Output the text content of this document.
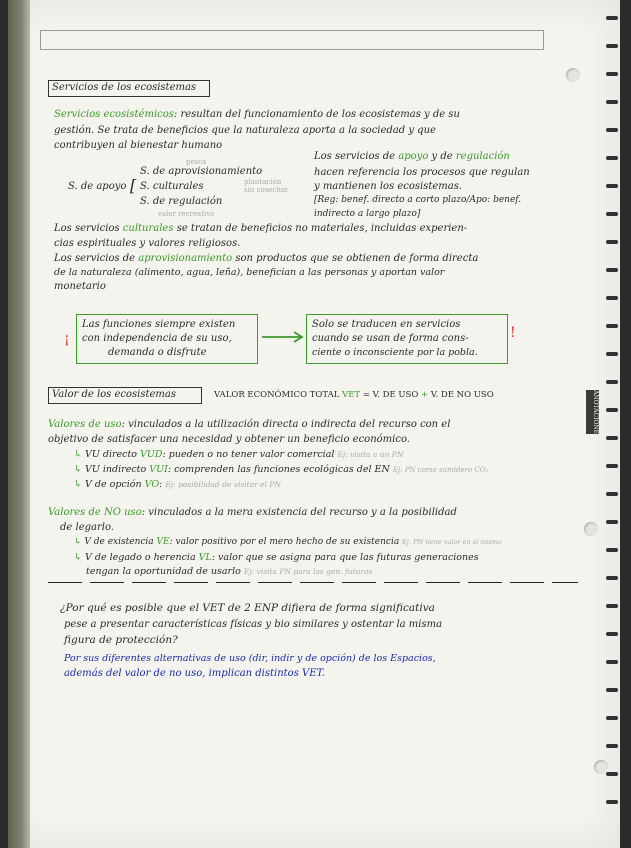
Servicios de los ecosistemas
Servicios ecosistémicos: resultan del funcionamiento de los ecosistemas y de su
gestión. Se trata de beneficios que la naturaleza aporta a la sociedad y que
contribuyen al bienestar humano
pesca
S. de apoyo [
S. de aprovisionamiento
S. culturales	plantación
sin cosechar
S. de regulación
valor recreativo
Los servicios de apoyo y de regulación
hacen referencia los procesos que regulan
y mantienen los ecosistemas.
[Reg: benef. directo a corto plazo/Apo: benef.
indirecto a largo plazo]
Los servicios culturales se tratan de beneficios no materiales, incluidas experien-
cias espirituales y valores religiosos.
Los servicios de aprovisionamiento son productos que se obtienen de forma directa
de la naturaleza (alimento, agua, leña), benefician a las personas y aportan valor
monetario
¡
Las funciones siempre existen
con independencia de su uso,
demanda o disfrute
Solo se traducen en servicios
cuando se usan de forma cons-
ciente o inconsciente por la pobla.
!
Valor de los ecosistemas	VALOR ECONÓMICO TOTAL VET = V. DE USO + V. DE NO USO	ANOTACIONES
Valores de uso: vinculados a la utilización directa o indirecta del recurso con el
objetivo de satisfacer una necesidad y obtener un beneficio económico.
↳ VU directo VUD: pueden o no tener valor comercial Ej: visita a un PN
↳ VU indirecto VUI: comprenden las funciones ecológicas del EN Ej: PN como sumidero CO₂
↳ V de opción VO: Ej: posibilidad de visitar el PN
Valores de NO uso: vinculados a la mera existencia del recurso y a la posibilidad
de legarlo.
↳ V de existencia VE: valor positivo por el mero hecho de su existencia Ej: PN tiene valor en sí mismo
↳ V de legado o herencia VL: valor que se asigna para que las futuras generaciones
tengan la oportunidad de usarlo Ej: visita PN para las gen. futuras
¿Por qué es posible que el VET de 2 ENP difiera de forma significativa
pese a presentar características físicas y bio similares y ostentar la misma
figura de protección?
Por sus diferentes alternativas de uso (dir, indir y de opción) de los Espacios,
además del valor de no uso, implican distintos VET.
